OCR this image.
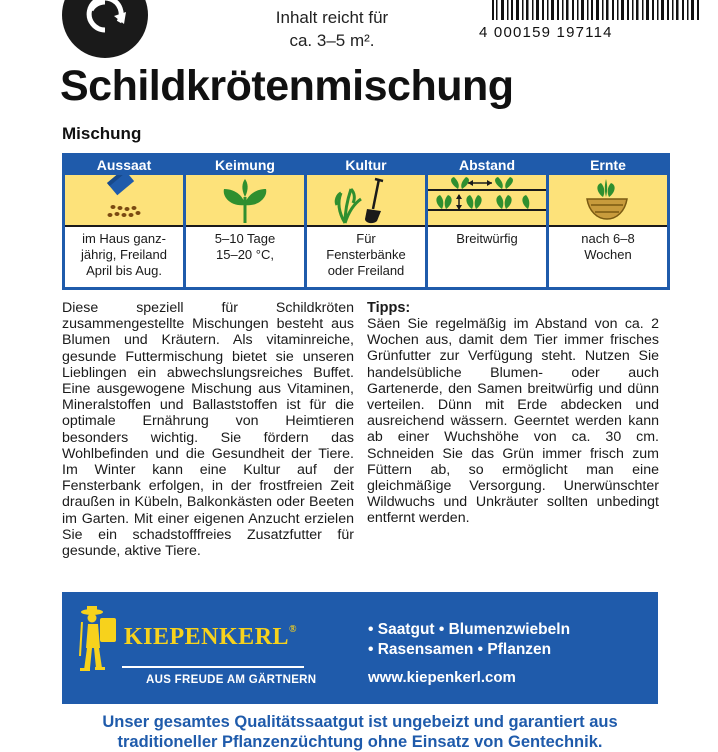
Inhalt reicht für
ca. 3–5 m².	4 000159 197114
Schildkrötenmischung
Mischung
Aussaat
im Haus ganz-
jährig, Freiland
April bis Aug.
Keimung
5–10 Tage
15–20 °C,
Kultur
Für
Fensterbänke
oder Freiland
Abstand
Breitwürfig
Ernte
nach 6–8
Wochen
Diese speziell für Schildkröten zusammengestellte Mischungen besteht aus Blumen und Kräutern. Als vitaminreiche, gesunde Futtermischung bietet sie unseren Lieblingen ein abwechslungsreiches Buffet. Eine ausgewogene Mischung aus Vitaminen, Mineralstoffen und Ballaststoffen ist für die optimale Ernährung von Heimtieren besonders wichtig. Sie fördern das Wohlbefinden und die Gesundheit der Tiere. Im Winter kann eine Kultur auf der Fensterbank erfolgen, in der frostfreien Zeit draußen in Kübeln, Balkonkästen oder Beeten im Garten. Mit einer eigenen Anzucht erzielen Sie ein schadstofffreies Zusatzfutter für gesunde, aktive Tiere.
Tipps:
Säen Sie regelmäßig im Abstand von ca. 2 Wochen aus, damit dem Tier immer frisches Grünfutter zur Verfügung steht. Nutzen Sie handelsübliche Blumen- oder auch Gartenerde, den Samen breitwürfig und dünn verteilen. Dünn mit Erde abdecken und ausreichend wässern. Geerntet werden kann ab einer Wuchshöhe von ca. 30 cm. Schneiden Sie das Grün immer frisch zum Füttern ab, so ermöglicht man eine gleichmäßige Versorgung. Unerwünschter Wildwuchs und Unkräuter sollten unbedingt entfernt werden.
KIEPENKERL®
AUS FREUDE AM GÄRTNERN
• Saatgut • Blumenzwiebeln
• Rasensamen • Pflanzen
www.kiepenkerl.com
Unser gesamtes Qualitätssaatgut ist ungebeizt und garantiert aus
traditioneller Pflanzenzüchtung ohne Einsatz von Gentechnik.
